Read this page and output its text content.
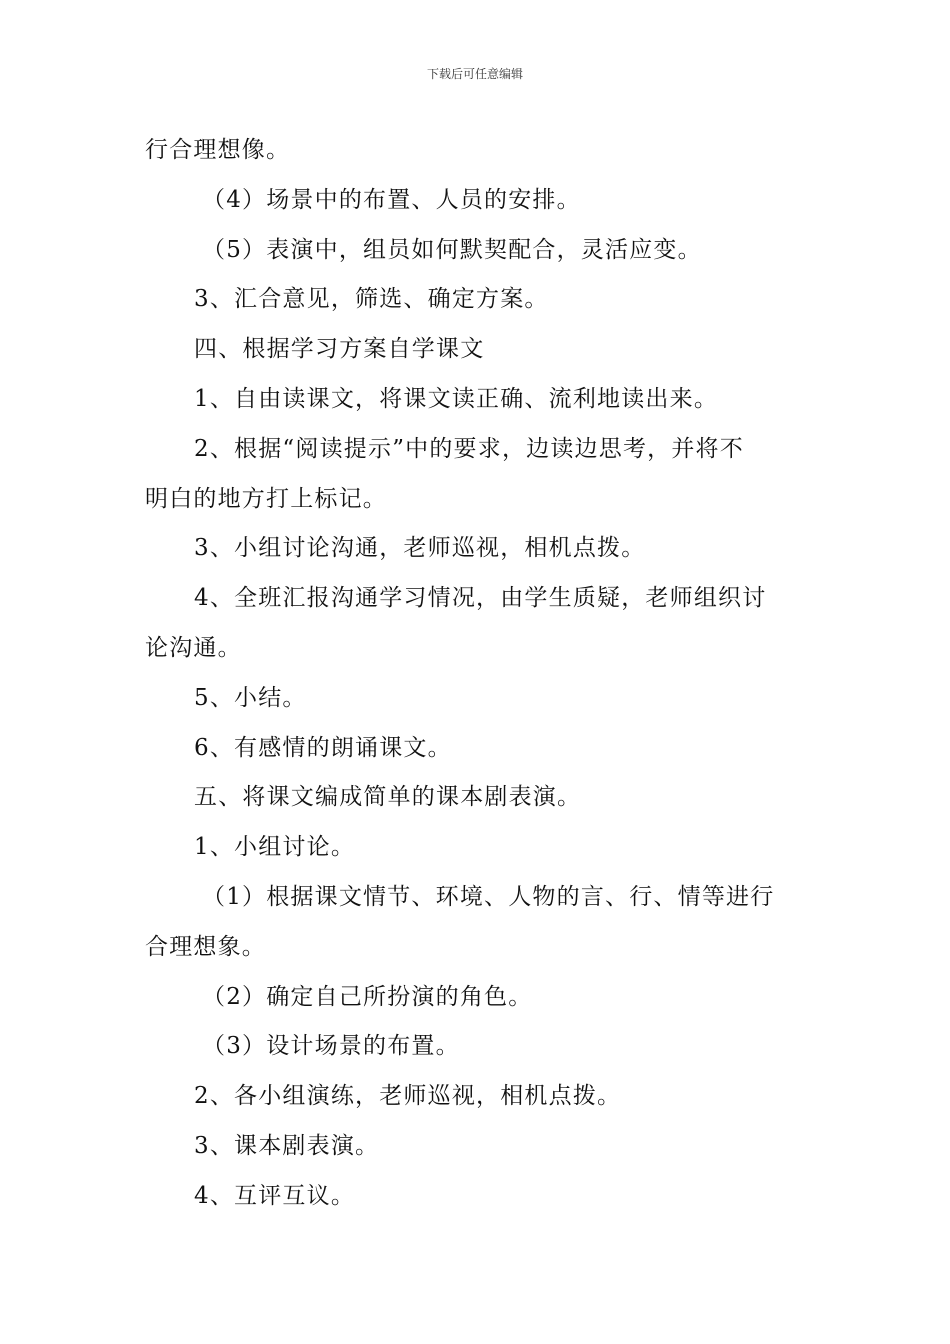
下载后可任意编辑

行合理想像。

（4）场景中的布置、人员的安排。

（5）表演中，组员如何默契配合，灵活应变。

3、汇合意见，筛选、确定方案。

四、根据学习方案自学课文

1、自由读课文，将课文读正确、流利地读出来。

2、根据“阅读提示”中的要求，边读边思考，并将不

明白的地方打上标记。

3、小组讨论沟通，老师巡视，相机点拨。

4、全班汇报沟通学习情况，由学生质疑，老师组织讨

论沟通。

5、小结。

6、有感情的朗诵课文。

五、将课文编成简单的课本剧表演。

1、小组讨论。

（1）根据课文情节、环境、人物的言、行、情等进行

合理想象。

（2）确定自己所扮演的角色。

（3）设计场景的布置。

2、各小组演练，老师巡视，相机点拨。

3、课本剧表演。

4、互评互议。
